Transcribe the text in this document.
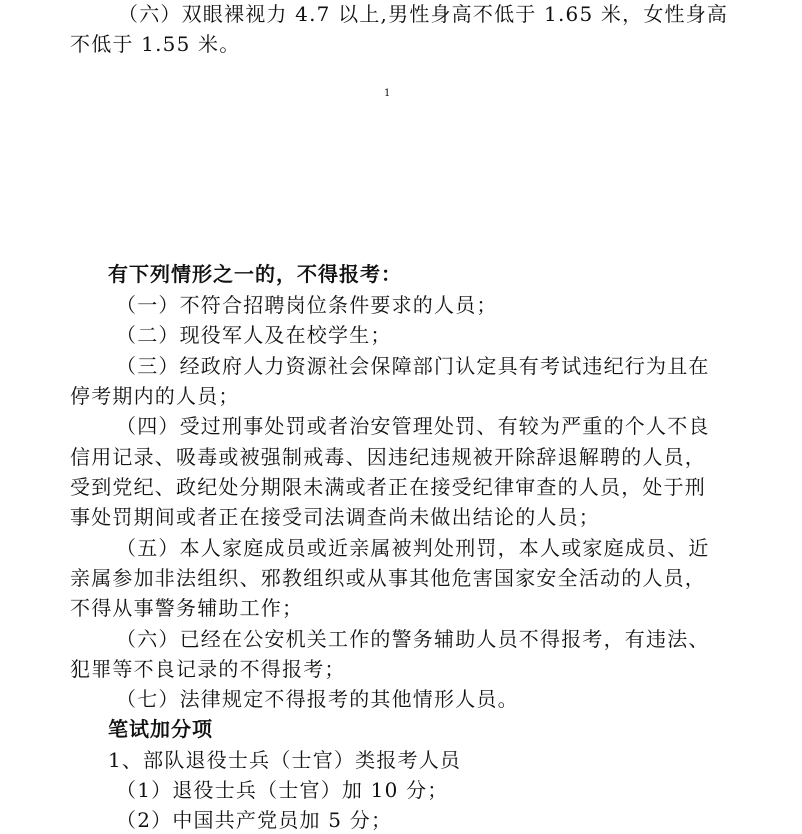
（六）双眼裸视力 4.7 以上,男性身高不低于 1.65 米，女性身高
不低于 1.55 米。
1
有下列情形之一的，不得报考：
（一）不符合招聘岗位条件要求的人员；
（二）现役军人及在校学生；
（三）经政府人力资源社会保障部门认定具有考试违纪行为且在
停考期内的人员；
（四）受过刑事处罚或者治安管理处罚、有较为严重的个人不良
信用记录、吸毒或被强制戒毒、因违纪违规被开除辞退解聘的人员，
受到党纪、政纪处分期限未满或者正在接受纪律审查的人员，处于刑
事处罚期间或者正在接受司法调查尚未做出结论的人员；
（五）本人家庭成员或近亲属被判处刑罚，本人或家庭成员、近
亲属参加非法组织、邪教组织或从事其他危害国家安全活动的人员，
不得从事警务辅助工作；
（六）已经在公安机关工作的警务辅助人员不得报考，有违法、
犯罪等不良记录的不得报考；
（七）法律规定不得报考的其他情形人员。
笔试加分项
1、部队退役士兵（士官）类报考人员
（1）退役士兵（士官）加 10 分；
（2）中国共产党员加 5 分；
